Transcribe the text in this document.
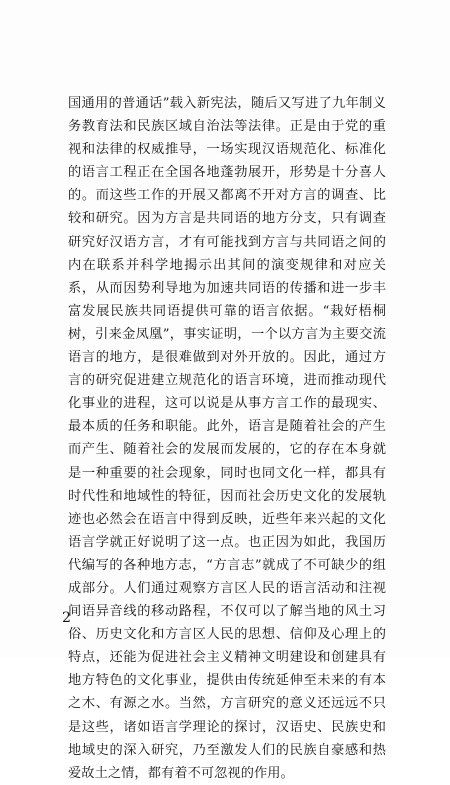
国通用的普通话”载入新宪法，随后又写进了九年制义务教育法和民族区域自治法等法律。正是由于党的重视和法律的权威推导，一场实现汉语规范化、标准化的语言工程正在全国各地蓬勃展开，形势是十分喜人的。而这些工作的开展又都离不开对方言的调查、比较和研究。因为方言是共同语的地方分支，只有调查研究好汉语方言，才有可能找到方言与共同语之间的内在联系并科学地揭示出其间的演变规律和对应关系，从而因势利导地为加速共同语的传播和进一步丰富发展民族共同语提供可靠的语言依据。“栽好梧桐树，引来金凤凰”，事实证明，一个以方言为主要交流语言的地方，是很难做到对外开放的。因此，通过方言的研究促进建立规范化的语言环境，进而推动现代化事业的进程，这可以说是从事方言工作的最现实、最本质的任务和职能。此外，语言是随着社会的产生而产生、随着社会的发展而发展的，它的存在本身就是一种重要的社会现象，同时也同文化一样，都具有时代性和地域性的特征，因而社会历史文化的发展轨迹也必然会在语言中得到反映，近些年来兴起的文化语言学就正好说明了这一点。也正因为如此，我国历代编写的各种地方志，“方言志”就成了不可缺少的组成部分。人们通过观察方言区人民的语言活动和注视间语异音线的移动路程，不仅可以了解当地的风土习俗、历史文化和方言区人民的思想、信仰及心理上的特点，还能为促进社会主义精神文明建设和创建具有地方特色的文化事业，提供由传统延伸至未来的有本之木、有源之水。当然，方言研究的意义还远远不只是这些，诸如语言学理论的探讨，汉语史、民族史和地域史的深入研究，乃至激发人们的民族自豪感和热爱故土之情，都有着不可忽视的作用。

2
